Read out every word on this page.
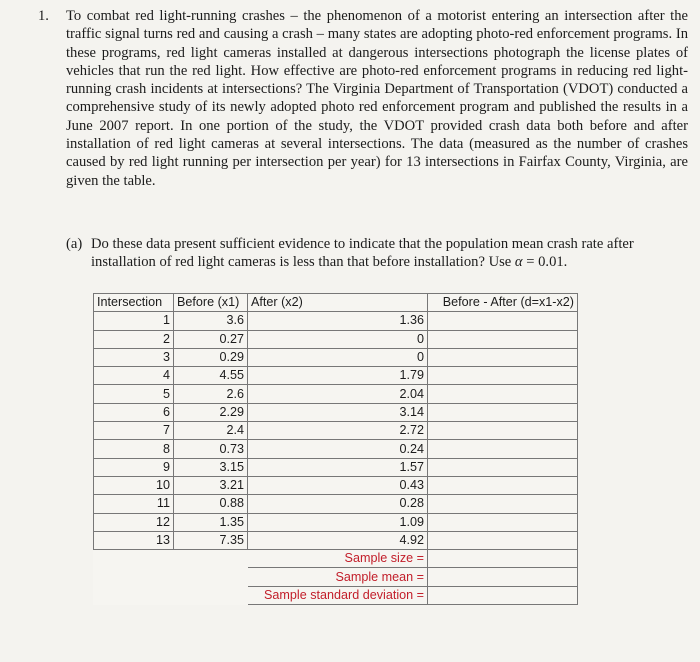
1. To combat red light-running crashes – the phenomenon of a motorist entering an intersection after the traffic signal turns red and causing a crash – many states are adopting photo-red enforcement programs. In these programs, red light cameras installed at dangerous intersections photograph the license plates of vehicles that run the red light. How effective are photo-red enforcement programs in reducing red light-running crash incidents at intersections? The Virginia Department of Transportation (VDOT) conducted a comprehensive study of its newly adopted photo red enforcement program and published the results in a June 2007 report. In one portion of the study, the VDOT provided crash data both before and after installation of red light cameras at several intersections. The data (measured as the number of crashes caused by red light running per intersection per year) for 13 intersections in Fairfax County, Virginia, are given the table.
(a) Do these data present sufficient evidence to indicate that the population mean crash rate after installation of red light cameras is less than that before installation? Use α = 0.01.
Intersection	Before (x1)	After (x2)	Before - After (d=x1-x2)
1	3.6	1.36	
2	0.27	0	
3	0.29	0	
4	4.55	1.79	
5	2.6	2.04	
6	2.29	3.14	
7	2.4	2.72	
8	0.73	0.24	
9	3.15	1.57	
10	3.21	0.43	
11	0.88	0.28	
12	1.35	1.09	
13	7.35	4.92	
		Sample size =	
		Sample mean =	
		Sample standard deviation =	
